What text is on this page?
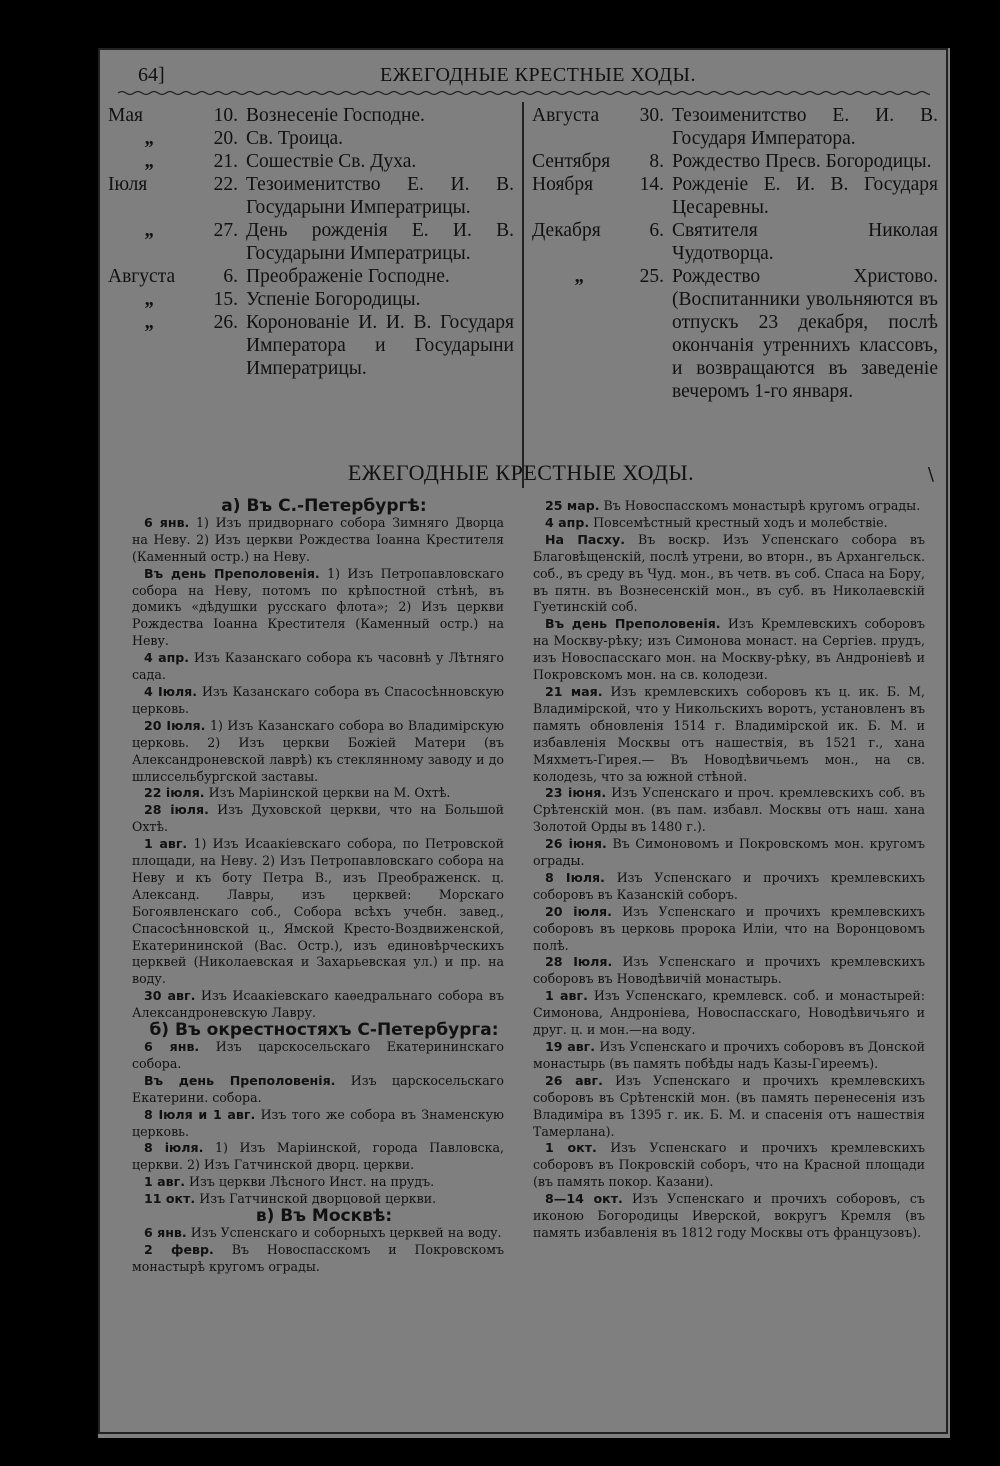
64]	ЕЖЕГОДНЫЕ КРЕСТНЫЕ ХОДЫ.
Мая	10. Вознесеніе Господне.
„	20. Св. Троица.
„	21. Сошествіе Св. Духа.
Іюля	22. Тезоименитство Е. И. В. Государыни Императрицы.
„	27. День рожденія Е. И. В. Государыни Императрицы.
Августа	6. Преображеніе Господне.
„	15. Успеніе Богородицы.
„	26. Коронованіе И. И. В. Государя Императора и Государыни Императрицы.
Августа	30. Тезоименитство Е. И. В. Государя Императора.
Сентября	8. Рождество Пресв. Богородицы.
Ноября	14. Рожденіе Е. И. В. Государя Цесаревны.
Декабря	6. Святителя Николая Чудотворца.
„	25. Рождество Христово. (Воспитанники увольняются въ отпускъ 23 декабря, послѣ окончанія утреннихъ классовъ, и возвращаются въ заведеніе вечеромъ 1-го января.
ЕЖЕГОДНЫЕ КРЕСТНЫЕ ХОДЫ.	\

а) Въ С.-Петербургѣ:

6 янв. 1) Изъ придворнаго собора Зимняго Дворца на Неву. 2) Изъ церкви Рождества Іоанна Крестителя (Каменный остр.) на Неву.

Въ день Преполовенія. 1) Изъ Петропавловскаго собора на Неву, потомъ по крѣпостной стѣнѣ, въ домикъ «дѣдушки русскаго флота»; 2) Изъ церкви Рождества Іоанна Крестителя (Каменный остр.) на Неву.

4 апр. Изъ Казанскаго собора къ часовнѣ у Лѣтняго сада.

4 Іюля. Изъ Казанскаго собора въ Спасосѣнновскую церковь.

20 Іюля. 1) Изъ Казанскаго собора во Владимірскую церковь. 2) Изъ церкви Божіей Матери (въ Александроневской лаврѣ) къ стеклянному заводу и до шлиссельбургской заставы.

22 іюля. Изъ Маріинской церкви на М. Охтѣ.

28 іюля. Изъ Духовской церкви, что на Большой Охтѣ.

1 авг. 1) Изъ Исаакіевскаго собора, по Петровской площади, на Неву. 2) Изъ Петропавловскаго собора на Неву и къ боту Петра В., изъ Преображенск. ц. Александ. Лавры, изъ церквей: Морскаго Богоявленскаго соб., Собора всѣхъ учебн. завед., Спасосѣнновской ц., Ямской Кресто-Воздвиженской, Екатерининской (Вас. Остр.), изъ единовѣрческихъ церквей (Николаевская и Захарьевская ул.) и пр. на воду.

30 авг. Изъ Исаакіевскаго каѳедральнаго собора въ Александроневскую Лавру.

б) Въ окрестностяхъ С-Петербурга:

6 янв. Изъ царскосельскаго Екатерининскаго собора.

Въ день Преполовенія. Изъ царскосельскаго Екатерини. собора.

8 Іюля и 1 авг. Изъ того же собора въ Знаменскую церковь.

8 іюля. 1) Изъ Маріинской, города Павловска, церкви. 2) Изъ Гатчинской дворц. церкви.

1 авг. Изъ церкви Лѣсного Инст. на прудъ.

11 окт. Изъ Гатчинской дворцовой церкви.

в) Въ Москвѣ:

6 янв. Изъ Успенскаго и соборныхъ церквей на воду.

2 февр. Въ Новоспасскомъ и Покровскомъ монастырѣ кругомъ ограды.

25 мар. Въ Новоспасскомъ монастырѣ кругомъ ограды.

4 апр. Повсемѣстный крестный ходъ и молебствіе.

На Пасху. Въ воскр. Изъ Успенскаго собора въ Благовѣщенскій, послѣ утрени, во вторн., въ Архангельск. соб., въ среду въ Чуд. мон., въ четв. въ соб. Спаса на Бору, въ пятн. въ Вознесенскій мон., въ суб. въ Николаевскій Гуетинскій соб.

Въ день Преполовенія. Изъ Кремлевскихъ соборовъ на Москву-рѣку; изъ Симонова монаст. на Сергіев. прудъ, изъ Новоспасскаго мон. на Москву-рѣку, въ Андроніевѣ и Покровскомъ мон. на св. колодези.

21 мая. Изъ кремлевскихъ соборовъ къ ц. ик. Б. М, Владимірской, что у Никольскихъ воротъ, установленъ въ память обновленія 1514 г. Владимірской ик. Б. М. и избавленія Москвы отъ нашествія, въ 1521 г., хана Мяхметъ-Гирея.— Въ Новодѣвичьемъ мон., на св. колодезь, что за южной стѣной.

23 іюня. Изъ Успенскаго и проч. кремлевскихъ соб. въ Срѣтенскій мон. (въ пам. избавл. Москвы отъ наш. хана Золотой Орды въ 1480 г.).

26 іюня. Въ Симоновомъ и Покровскомъ мон. кругомъ ограды.

8 Іюля. Изъ Успенскаго и прочихъ кремлевскихъ соборовъ въ Казанскій соборъ.

20 іюля. Изъ Успенскаго и прочихъ кремлевскихъ соборовъ въ церковь пророка Иліи, что на Воронцовомъ полѣ.

28 Іюля. Изъ Успенскаго и прочихъ кремлевскихъ соборовъ въ Новодѣвичій монастырь.

1 авг. Изъ Успенскаго, кремлевск. соб. и монастырей: Симонова, Андроніева, Новоспасскаго, Новодѣвичьяго и друг. ц. и мон.—на воду.

19 авг. Изъ Успенскаго и прочихъ соборовъ въ Донской монастырь (въ память побѣды надъ Казы-Гиреемъ).

26 авг. Изъ Успенскаго и прочихъ кремлевскихъ соборовъ въ Срѣтенскій мон. (въ память перенесенія изъ Владиміра въ 1395 г. ик. Б. М. и спасенія отъ нашествія Тамерлана).

1 окт. Изъ Успенскаго и прочихъ кремлевскихъ соборовъ въ Покровскій соборъ, что на Красной площади (въ память покор. Казани).

8—14 окт. Изъ Успенскаго и прочихъ соборовъ, съ иконою Богородицы Иверской, вокругъ Кремля (въ память избавленія въ 1812 году Москвы отъ французовъ).
